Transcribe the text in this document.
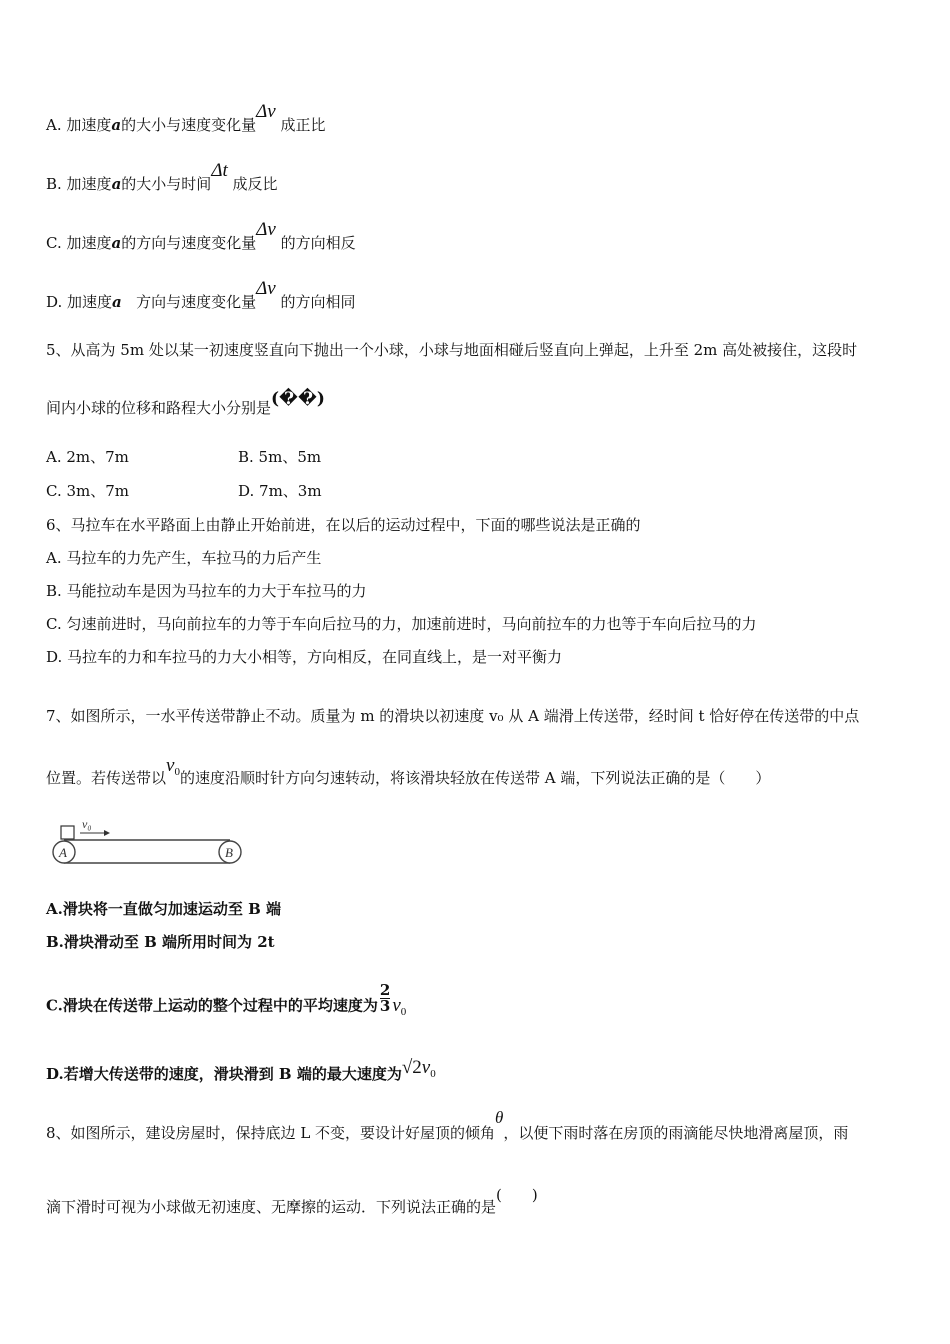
A. 加速度a的大小与速度变化量Δv 成正比
B. 加速度a的大小与时间Δt 成反比
C. 加速度a的方向与速度变化量Δv 的方向相反
D. 加速度a 方向与速度变化量Δv 的方向相同
5、从高为 5m 处以某一初速度竖直向下抛出一个小球，小球与地面相碰后竖直向上弹起，上升至 2m 高处被接住，这段时
间内小球的位移和路程大小分别是(��)
A. 2m、7m	B. 5m、5m
C. 3m、7m	D. 7m、3m
6、马拉车在水平路面上由静止开始前进，在以后的运动过程中，下面的哪些说法是正确的
A. 马拉车的力先产生，车拉马的力后产生
B. 马能拉动车是因为马拉车的力大于车拉马的力
C. 匀速前进时，马向前拉车的力等于车向后拉马的力，加速前进时，马向前拉车的力也等于车向后拉马的力
D. 马拉车的力和车拉马的力大小相等，方向相反，在同直线上，是一对平衡力
7、如图所示，一水平传送带静止不动。质量为 m 的滑块以初速度 v₀ 从 A 端滑上传送带，经时间 t 恰好停在传送带的中点
位置。若传送带以$v_0$的速度沿顺时针方向匀速转动，将该滑块轻放在传送带 A 端，下列说法正确的是（　　）
v₀
A	B
A.滑块将一直做匀加速运动至 B 端
B.滑块滑动至 B 端所用时间为 2t
C.滑块在传送带上运动的整个过程中的平均速度为 $\frac{2}{3} v_0$
D.若增大传送带的速度，滑块滑到 B 端的最大速度为$√2v_0$
8、如图所示，建设房屋时，保持底边 L 不变，要设计好屋顶的倾角θ，以便下雨时落在房顶的雨滴能尽快地滑离屋顶，雨
滴下滑时可视为小球做无初速度、无摩擦的运动．下列说法正确的是(　　)
